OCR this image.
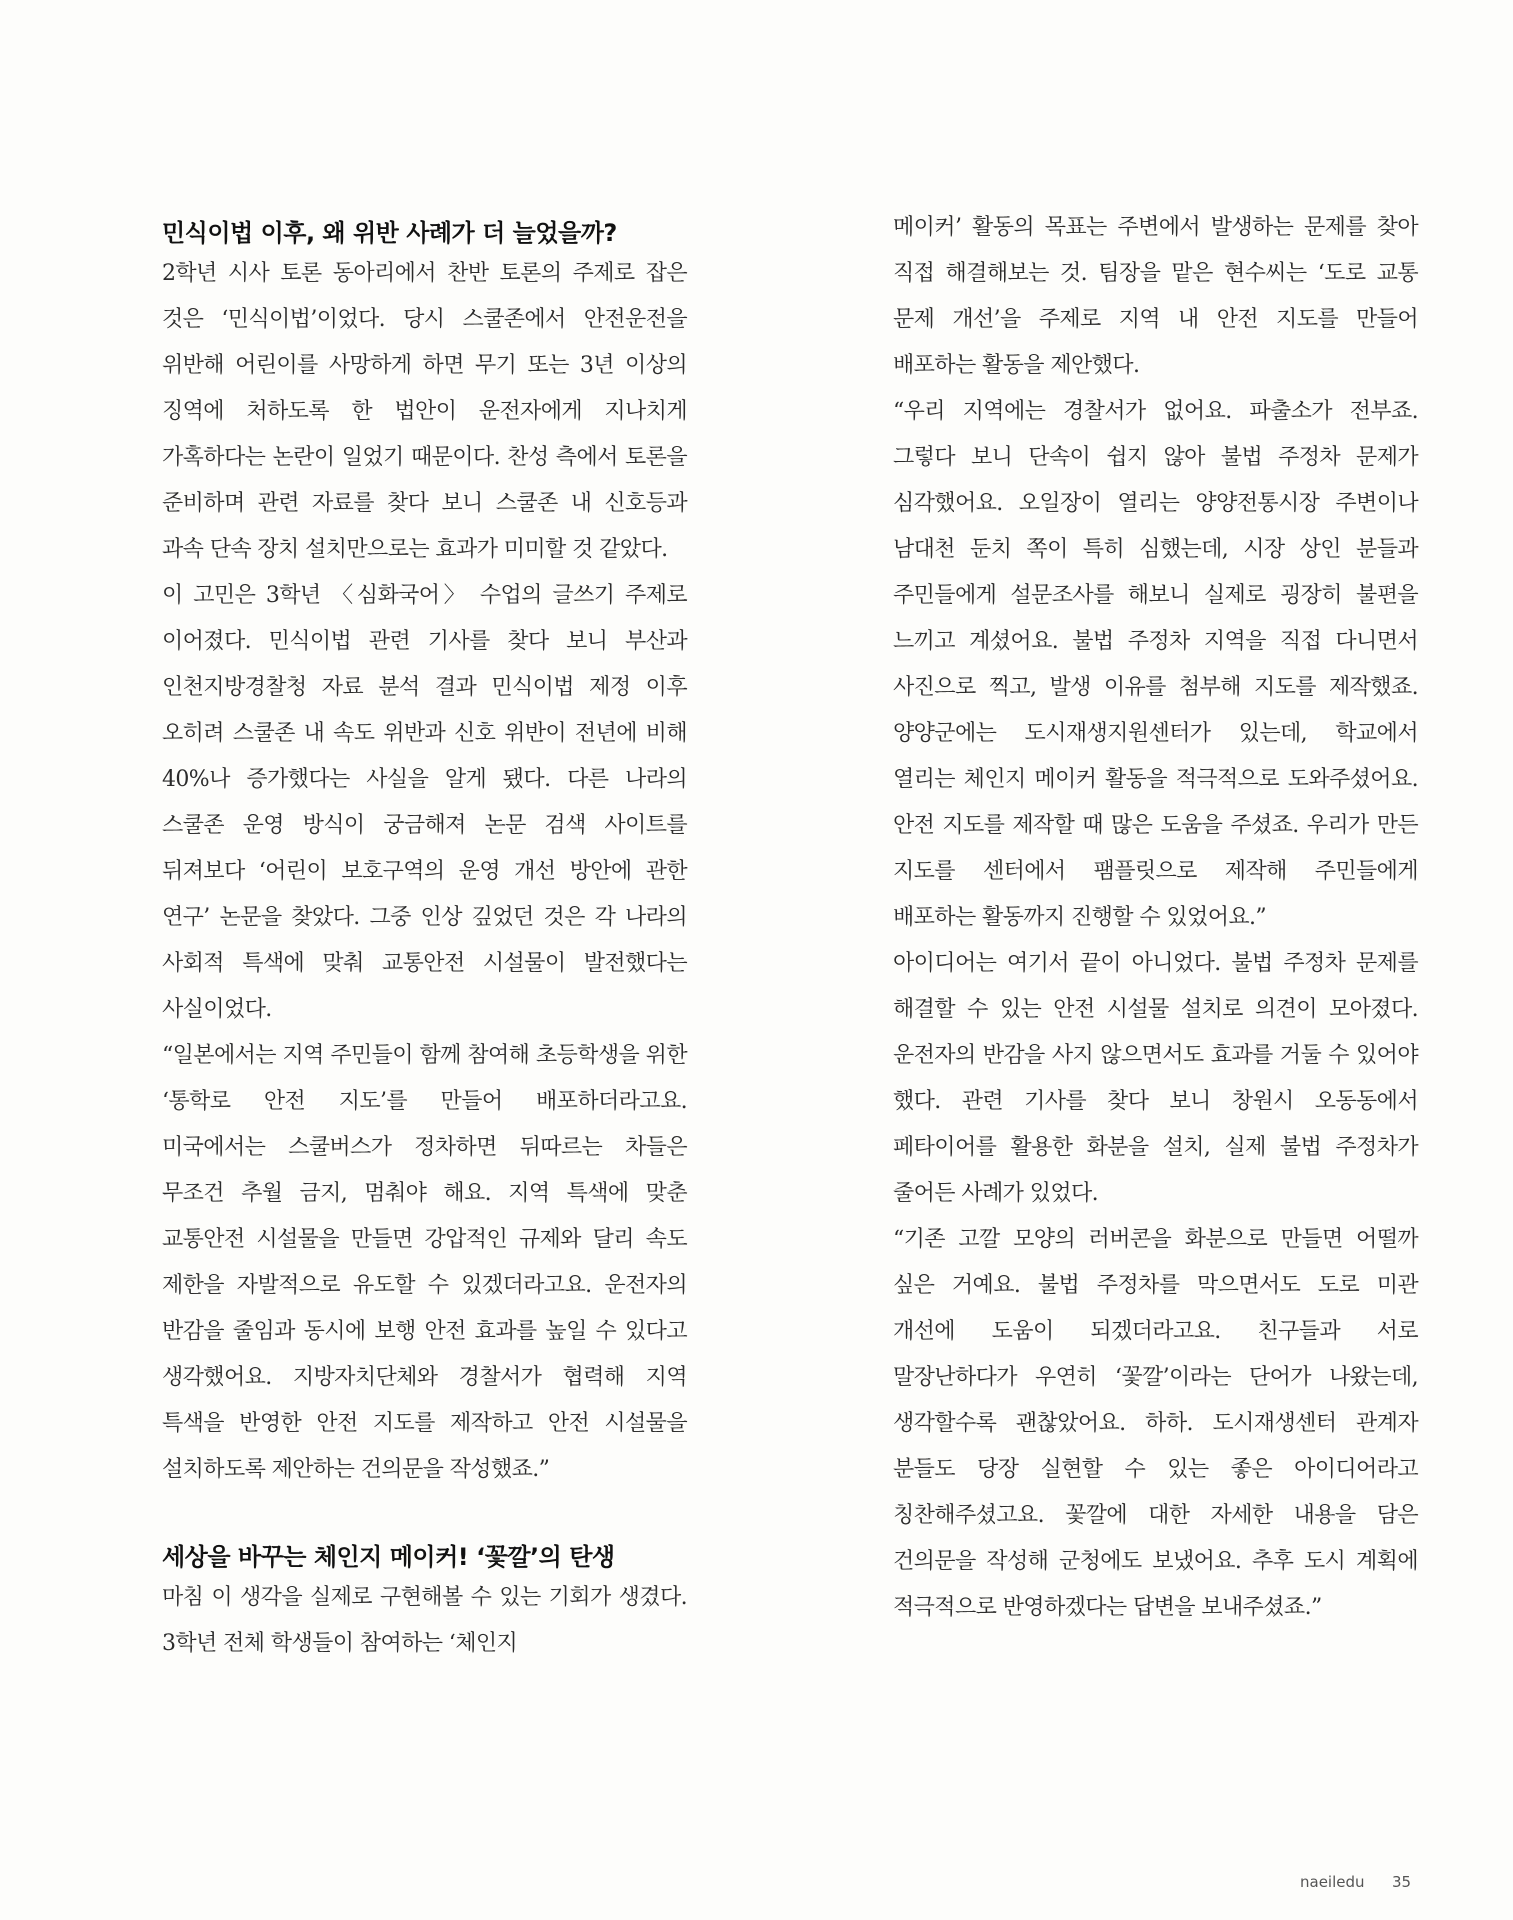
민식이법 이후, 왜 위반 사례가 더 늘었을까?

2학년 시사 토론 동아리에서 찬반 토론의 주제로 잡은 것은 ‘민식이법’이었다. 당시 스쿨존에서 안전운전을 위반해 어린이를 사망하게 하면 무기 또는 3년 이상의 징역에 처하도록 한 법안이 운전자에게 지나치게 가혹하다는 논란이 일었기 때문이다. 찬성 측에서 토론을 준비하며 관련 자료를 찾다 보니 스쿨존 내 신호등과 과속 단속 장치 설치만으로는 효과가 미미할 것 같았다.

이 고민은 3학년 〈심화국어〉 수업의 글쓰기 주제로 이어졌다. 민식이법 관련 기사를 찾다 보니 부산과 인천지방경찰청 자료 분석 결과 민식이법 제정 이후 오히려 스쿨존 내 속도 위반과 신호 위반이 전년에 비해 40%나 증가했다는 사실을 알게 됐다. 다른 나라의 스쿨존 운영 방식이 궁금해져 논문 검색 사이트를 뒤져보다 ‘어린이 보호구역의 운영 개선 방안에 관한 연구’ 논문을 찾았다. 그중 인상 깊었던 것은 각 나라의 사회적 특색에 맞춰 교통안전 시설물이 발전했다는 사실이었다.

“일본에서는 지역 주민들이 함께 참여해 초등학생을 위한 ‘통학로 안전 지도’를 만들어 배포하더라고요. 미국에서는 스쿨버스가 정차하면 뒤따르는 차들은 무조건 추월 금지, 멈춰야 해요. 지역 특색에 맞춘 교통안전 시설물을 만들면 강압적인 규제와 달리 속도 제한을 자발적으로 유도할 수 있겠더라고요. 운전자의 반감을 줄임과 동시에 보행 안전 효과를 높일 수 있다고 생각했어요. 지방자치단체와 경찰서가 협력해 지역 특색을 반영한 안전 지도를 제작하고 안전 시설물을 설치하도록 제안하는 건의문을 작성했죠.”

세상을 바꾸는 체인지 메이커! ‘꽃깔’의 탄생

마침 이 생각을 실제로 구현해볼 수 있는 기회가 생겼다. 3학년 전체 학생들이 참여하는 ‘체인지

메이커’ 활동의 목표는 주변에서 발생하는 문제를 찾아 직접 해결해보는 것. 팀장을 맡은 현수씨는 ‘도로 교통 문제 개선’을 주제로 지역 내 안전 지도를 만들어 배포하는 활동을 제안했다.

“우리 지역에는 경찰서가 없어요. 파출소가 전부죠. 그렇다 보니 단속이 쉽지 않아 불법 주정차 문제가 심각했어요. 오일장이 열리는 양양전통시장 주변이나 남대천 둔치 쪽이 특히 심했는데, 시장 상인 분들과 주민들에게 설문조사를 해보니 실제로 굉장히 불편을 느끼고 계셨어요. 불법 주정차 지역을 직접 다니면서 사진으로 찍고, 발생 이유를 첨부해 지도를 제작했죠. 양양군에는 도시재생지원센터가 있는데, 학교에서 열리는 체인지 메이커 활동을 적극적으로 도와주셨어요. 안전 지도를 제작할 때 많은 도움을 주셨죠. 우리가 만든 지도를 센터에서 팸플릿으로 제작해 주민들에게 배포하는 활동까지 진행할 수 있었어요.”

아이디어는 여기서 끝이 아니었다. 불법 주정차 문제를 해결할 수 있는 안전 시설물 설치로 의견이 모아졌다. 운전자의 반감을 사지 않으면서도 효과를 거둘 수 있어야 했다. 관련 기사를 찾다 보니 창원시 오동동에서 페타이어를 활용한 화분을 설치, 실제 불법 주정차가 줄어든 사례가 있었다.

“기존 고깔 모양의 러버콘을 화분으로 만들면 어떨까 싶은 거예요. 불법 주정차를 막으면서도 도로 미관 개선에 도움이 되겠더라고요. 친구들과 서로 말장난하다가 우연히 ‘꽃깔’이라는 단어가 나왔는데, 생각할수록 괜찮았어요. 하하. 도시재생센터 관계자 분들도 당장 실현할 수 있는 좋은 아이디어라고 칭찬해주셨고요. 꽃깔에 대한 자세한 내용을 담은 건의문을 작성해 군청에도 보냈어요. 추후 도시 계획에 적극적으로 반영하겠다는 답변을 보내주셨죠.”

naeiledu 35
